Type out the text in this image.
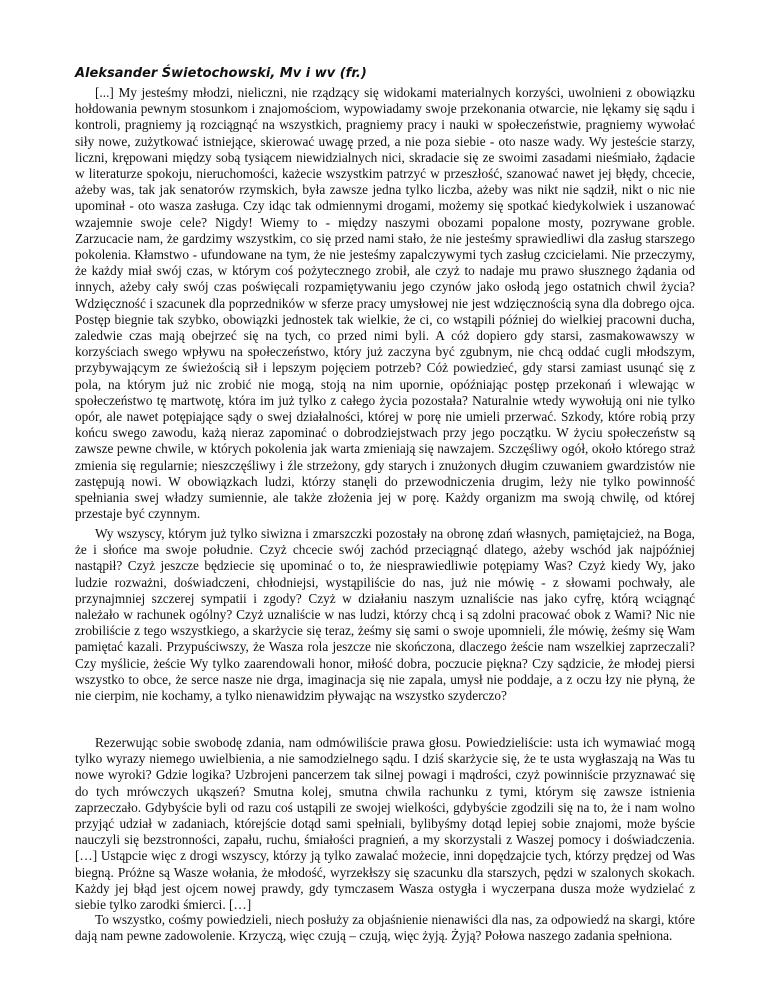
Aleksander Świetochowski, Mv i wv (fr.)

[...] My jesteśmy młodzi, nieliczni, nie rządzący się widokami materialnych korzyści, uwolnieni z obowiązku hołdowania pewnym stosunkom i znajomościom, wypowiadamy swoje przekonania otwarcie, nie lękamy się sądu i kontroli, pragniemy ją rozciągnąć na wszystkich, pragniemy pracy i nauki w społeczeństwie, pragniemy wywołać siły nowe, zużytkować istniejące, skierować uwagę przed, a nie poza siebie - oto nasze wady. Wy jesteście starzy, liczni, krępowani między sobą tysiącem niewidzialnych nici, skradacie się ze swoimi zasadami nieśmiało, żądacie w literaturze spokoju, nieruchomości, każecie wszystkim patrzyć w przeszłość, szanować nawet jej błędy, chcecie, ażeby was, tak jak senatorów rzymskich, była zawsze jedna tylko liczba, ażeby was nikt nie sądził, nikt o nic nie upominał - oto wasza zasługa. Czy idąc tak odmiennymi drogami, możemy się spotkać kiedykolwiek i uszanować wzajemnie swoje cele? Nigdy! Wiemy to - między naszymi obozami popalone mosty, pozrywane groble. Zarzucacie nam, że gardzimy wszystkim, co się przed nami stało, że nie jesteśmy sprawiedliwi dla zasług starszego pokolenia. Kłamstwo - ufundowane na tym, że nie jesteśmy zapalczywymi tych zasług czcicielami. Nie przeczymy, że każdy miał swój czas, w którym coś pożytecznego zrobił, ale czyż to nadaje mu prawo słusznego żądania od innych, ażeby cały swój czas poświęcali rozpamiętywaniu jego czynów jako osłodą jego ostatnich chwil życia? Wdzięczność i szacunek dla poprzedników w sferze pracy umysłowej nie jest wdzięcznością syna dla dobrego ojca. Postęp biegnie tak szybko, obowiązki jednostek tak wielkie, że ci, co wstąpili później do wielkiej pracowni ducha, zaledwie czas mają obejrzeć się na tych, co przed nimi byli. A cóż dopiero gdy starsi, zasmakowawszy w korzyściach swego wpływu na społeczeństwo, który już zaczyna być zgubnym, nie chcą oddać cugli młodszym, przybywającym ze świeżością sił i lepszym pojęciem potrzeb? Cóż powiedzieć, gdy starsi zamiast usunąć się z pola, na którym już nic zrobić nie mogą, stoją na nim upornie, opóźniając postęp przekonań i wlewając w społeczeństwo tę martwotę, która im już tylko z całego życia pozostała? Naturalnie wtedy wywołują oni nie tylko opór, ale nawet potępiające sądy o swej działalności, której w porę nie umieli przerwać. Szkody, które robią przy końcu swego zawodu, każą nieraz zapominać o dobrodziejstwach przy jego początku. W życiu społeczeństw są zawsze pewne chwile, w których pokolenia jak warta zmieniają się nawzajem. Szczęśliwy ogół, około którego straż zmienia się regularnie; nieszczęśliwy i źle strzeżony, gdy starych i znużonych długim czuwaniem gwardzistów nie zastępują nowi. W obowiązkach ludzi, którzy stanęli do przewodniczenia drugim, leży nie tylko powinność spełniania swej władzy sumiennie, ale także złożenia jej w porę. Każdy organizm ma swoją chwilę, od której przestaje być czynnym.

Wy wszyscy, którym już tylko siwizna i zmarszczki pozostały na obronę zdań własnych, pamiętajcież, na Boga, że i słońce ma swoje południe. Czyż chcecie swój zachód przeciągnąć dlatego, ażeby wschód jak najpóźniej nastąpił? Czyż jeszcze będziecie się upominać o to, że niesprawiedliwie potępiamy Was? Czyż kiedy Wy, jako ludzie rozważni, doświadczeni, chłodniejsi, wystąpiliście do nas, już nie mówię - z słowami pochwały, ale przynajmniej szczerej sympatii i zgody? Czyż w działaniu naszym uznaliście nas jako cyfrę, którą wciągnąć należało w rachunek ogólny? Czyż uznaliście w nas ludzi, którzy chcą i są zdolni pracować obok z Wami? Nic nie zrobiliście z tego wszystkiego, a skarżycie się teraz, żeśmy się sami o swoje upomnieli, źle mówię, żeśmy się Wam pamiętać kazali. Przypuściwszy, że Wasza rola jeszcze nie skończona, dlaczego żeście nam wszelkiej zaprzeczali? Czy myślicie, żeście Wy tylko zaarendowali honor, miłość dobra, poczucie piękna? Czy sądzicie, że młodej piersi wszystko to obce, że serce nasze nie drga, imaginacja się nie zapala, umysł nie poddaje, a z oczu łzy nie płyną, że nie cierpim, nie kochamy, a tylko nienawidzim pływając na wszystko szyderczo?

Rezerwując sobie swobodę zdania, nam odmówiliście prawa głosu. Powiedzieliście: usta ich wymawiać mogą tylko wyrazy niemego uwielbienia, a nie samodzielnego sądu. I dziś skarżycie się, że te usta wygłaszają na Was tu nowe wyroki? Gdzie logika? Uzbrojeni pancerzem tak silnej powagi i mądrości, czyż powinniście przyznawać się do tych mrówczych ukąszeń? Smutna kolej, smutna chwila rachunku z tymi, którym się zawsze istnienia zaprzeczało. Gdybyście byli od razu coś ustąpili ze swojej wielkości, gdybyście zgodzili się na to, że i nam wolno przyjąć udział w zadaniach, którejście dotąd sami spełniali, bylibyśmy dotąd lepiej sobie znajomi, może byście nauczyli się bezstronności, zapału, ruchu, śmiałości pragnień, a my skorzystali z Waszej pomocy i doświadczenia. […] Ustąpcie więc z drogi wszyscy, którzy ją tylko zawalać możecie, inni dopędzajcie tych, którzy prędzej od Was biegną. Próżne są Wasze wołania, że młodość, wyrzekłszy się szacunku dla starszych, pędzi w szalonych skokach. Każdy jej błąd jest ojcem nowej prawdy, gdy tymczasem Wasza ostygła i wyczerpana dusza może wydzielać z siebie tylko zarodki śmierci. […]

To wszystko, cośmy powiedzieli, niech posłuży za objaśnienie nienawiści dla nas, za odpowiedź na skargi, które dają nam pewne zadowolenie. Krzyczą, więc czują – czują, więc żyją. Żyją? Połowa naszego zadania spełniona.
